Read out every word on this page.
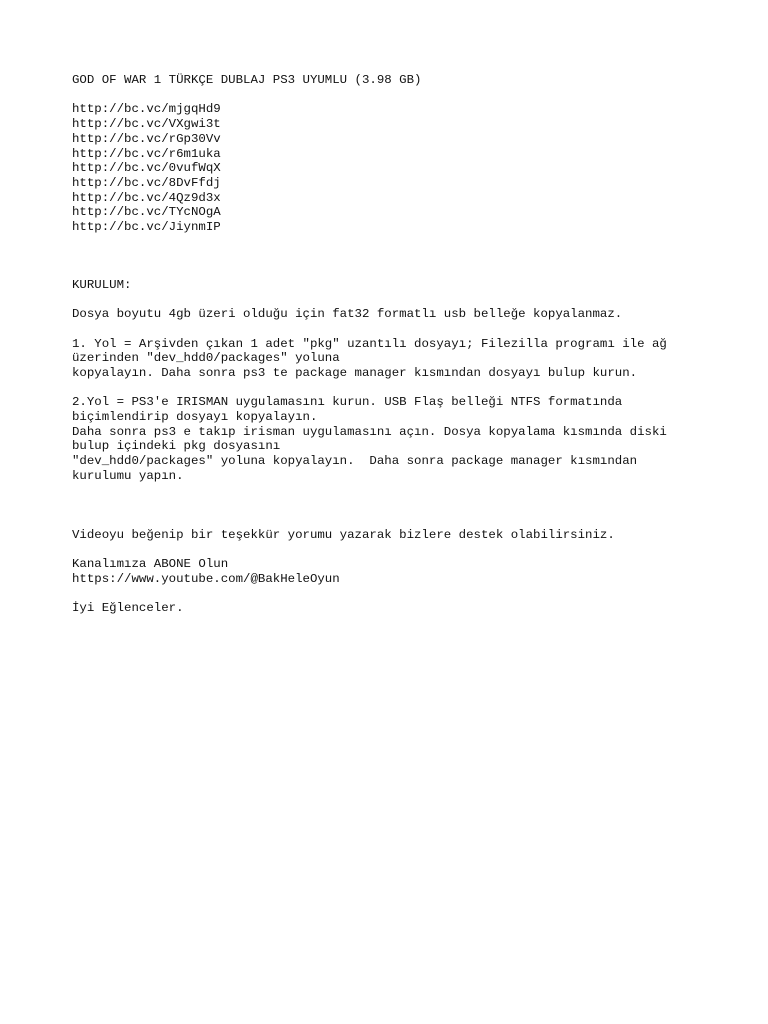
GOD OF WAR 1 TÜRKÇE DUBLAJ PS3 UYUMLU (3.98 GB)
http://bc.vc/mjgqHd9
http://bc.vc/VXgwi3t
http://bc.vc/rGp30Vv
http://bc.vc/r6m1uka
http://bc.vc/0vufWqX
http://bc.vc/8DvFfdj
http://bc.vc/4Qz9d3x
http://bc.vc/TYcNOgA
http://bc.vc/JiynmIP
KURULUM:
Dosya boyutu 4gb üzeri olduğu için fat32 formatlı usb belleğe kopyalanmaz.
1. Yol = Arşivden çıkan 1 adet "pkg" uzantılı dosyayı; Filezilla programı ile ağ üzerinden "dev_hdd0/packages" yoluna
kopyalayın. Daha sonra ps3 te package manager kısmından dosyayı bulup kurun.
2.Yol = PS3'e IRISMAN uygulamasını kurun. USB Flaş belleği NTFS formatında biçimlendirip dosyayı kopyalayın.
Daha sonra ps3 e takıp irisman uygulamasını açın. Dosya kopyalama kısmında diski bulup içindeki pkg dosyasını
"dev_hdd0/packages" yoluna kopyalayın.  Daha sonra package manager kısmından kurulumu yapın.
Videoyu beğenip bir teşekkür yorumu yazarak bizlere destek olabilirsiniz.
Kanalımıza ABONE Olun
https://www.youtube.com/@BakHeleOyun
İyi Eğlenceler.
